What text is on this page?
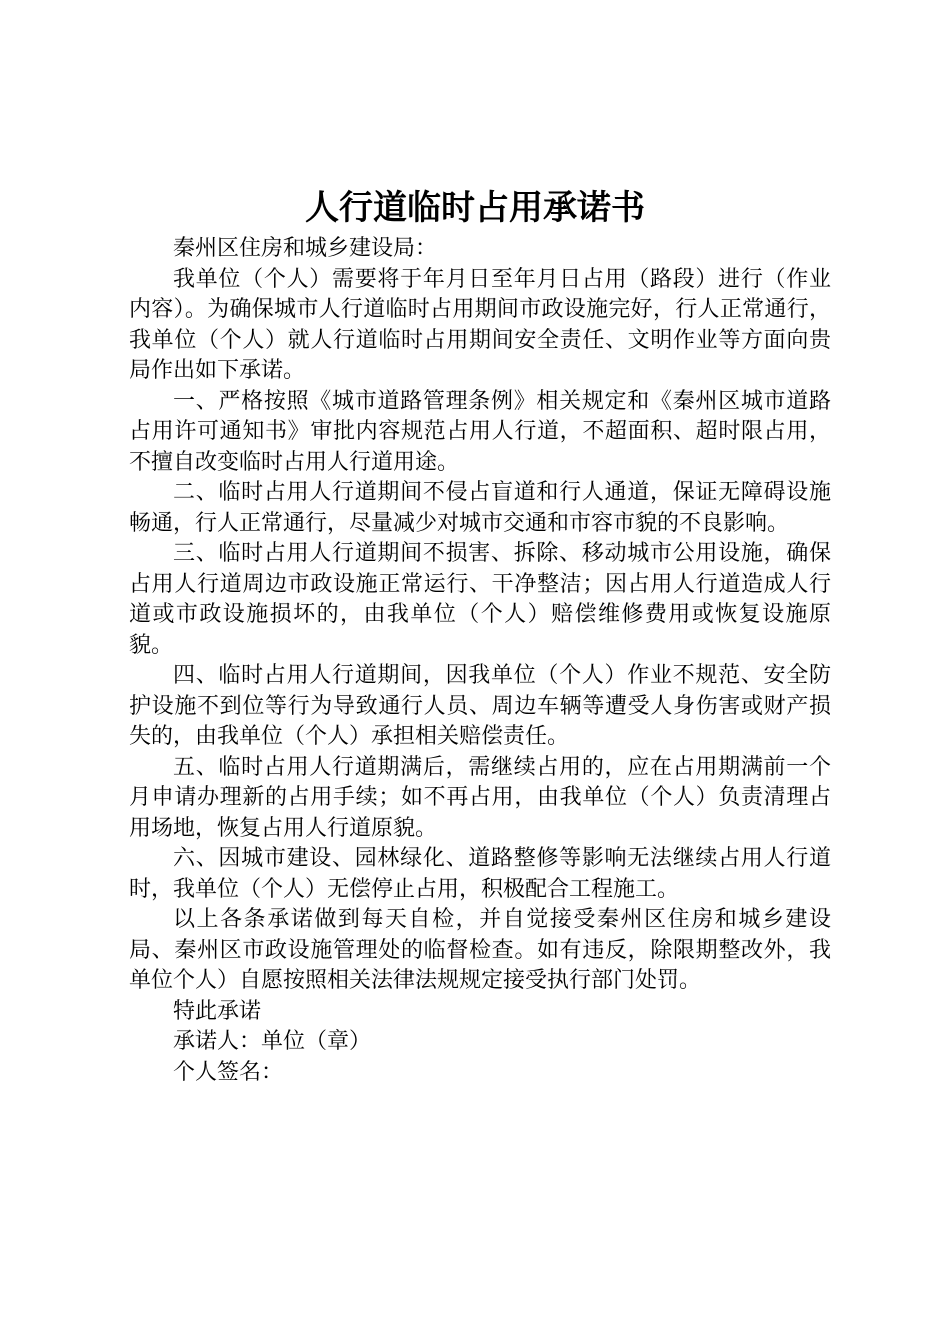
人行道临时占用承诺书

秦州区住房和城乡建设局：

我单位（个人）需要将于年月日至年月日占用（路段）进行（作业内容）。为确保城市人行道临时占用期间市政设施完好，行人正常通行，我单位（个人）就人行道临时占用期间安全责任、文明作业等方面向贵局作出如下承诺。

一、严格按照《城市道路管理条例》相关规定和《秦州区城市道路占用许可通知书》审批内容规范占用人行道，不超面积、超时限占用，不擅自改变临时占用人行道用途。

二、临时占用人行道期间不侵占盲道和行人通道，保证无障碍设施畅通，行人正常通行，尽量减少对城市交通和市容市貌的不良影响。

三、临时占用人行道期间不损害、拆除、移动城市公用设施，确保占用人行道周边市政设施正常运行、干净整洁；因占用人行道造成人行道或市政设施损坏的，由我单位（个人）赔偿维修费用或恢复设施原貌。

四、临时占用人行道期间，因我单位（个人）作业不规范、安全防护设施不到位等行为导致通行人员、周边车辆等遭受人身伤害或财产损失的，由我单位（个人）承担相关赔偿责任。

五、临时占用人行道期满后，需继续占用的，应在占用期满前一个月申请办理新的占用手续；如不再占用，由我单位（个人）负责清理占用场地，恢复占用人行道原貌。

六、因城市建设、园林绿化、道路整修等影响无法继续占用人行道时，我单位（个人）无偿停止占用，积极配合工程施工。

以上各条承诺做到每天自检，并自觉接受秦州区住房和城乡建设局、秦州区市政设施管理处的临督检查。如有违反，除限期整改外，我单位个人）自愿按照相关法律法规规定接受执行部门处罚。

特此承诺

承诺人：单位（章）

个人签名：
